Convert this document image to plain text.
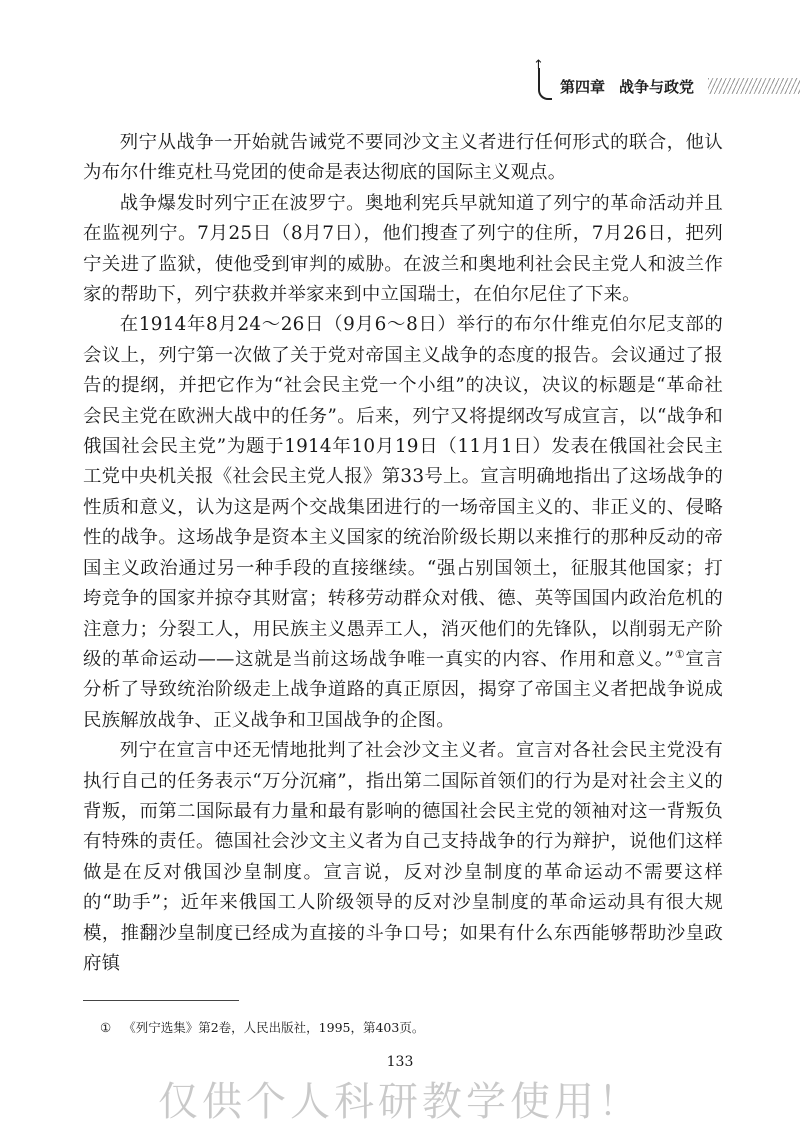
↑
第四章 战争与政党

列宁从战争一开始就告诫党不要同沙文主义者进行任何形式的联合，他认为布尔什维克杜马党团的使命是表达彻底的国际主义观点。

战争爆发时列宁正在波罗宁。奥地利宪兵早就知道了列宁的革命活动并且在监视列宁。7月25日（8月7日），他们搜查了列宁的住所，7月26日，把列宁关进了监狱，使他受到审判的威胁。在波兰和奥地利社会民主党人和波兰作家的帮助下，列宁获救并举家来到中立国瑞士，在伯尔尼住了下来。

在1914年8月24～26日（9月6～8日）举行的布尔什维克伯尔尼支部的会议上，列宁第一次做了关于党对帝国主义战争的态度的报告。会议通过了报告的提纲，并把它作为“社会民主党一个小组”的决议，决议的标题是“革命社会民主党在欧洲大战中的任务”。后来，列宁又将提纲改写成宣言，以“战争和俄国社会民主党”为题于1914年10月19日（11月1日）发表在俄国社会民主工党中央机关报《社会民主党人报》第33号上。宣言明确地指出了这场战争的性质和意义，认为这是两个交战集团进行的一场帝国主义的、非正义的、侵略性的战争。这场战争是资本主义国家的统治阶级长期以来推行的那种反动的帝国主义政治通过另一种手段的直接继续。“强占别国领土，征服其他国家；打垮竞争的国家并掠夺其财富；转移劳动群众对俄、德、英等国国内政治危机的注意力；分裂工人，用民族主义愚弄工人，消灭他们的先锋队，以削弱无产阶级的革命运动——这就是当前这场战争唯一真实的内容、作用和意义。”①宣言分析了导致统治阶级走上战争道路的真正原因，揭穿了帝国主义者把战争说成民族解放战争、正义战争和卫国战争的企图。

列宁在宣言中还无情地批判了社会沙文主义者。宣言对各社会民主党没有执行自己的任务表示“万分沉痛”，指出第二国际首领们的行为是对社会主义的背叛，而第二国际最有力量和最有影响的德国社会民主党的领袖对这一背叛负有特殊的责任。德国社会沙文主义者为自己支持战争的行为辩护，说他们这样做是在反对俄国沙皇制度。宣言说，反对沙皇制度的革命运动不需要这样的“助手”；近年来俄国工人阶级领导的反对沙皇制度的革命运动具有很大规模，推翻沙皇制度已经成为直接的斗争口号；如果有什么东西能够帮助沙皇政府镇

① 《列宁选集》第2卷，人民出版社，1995，第403页。
133
仅供个人科研教学使用！
